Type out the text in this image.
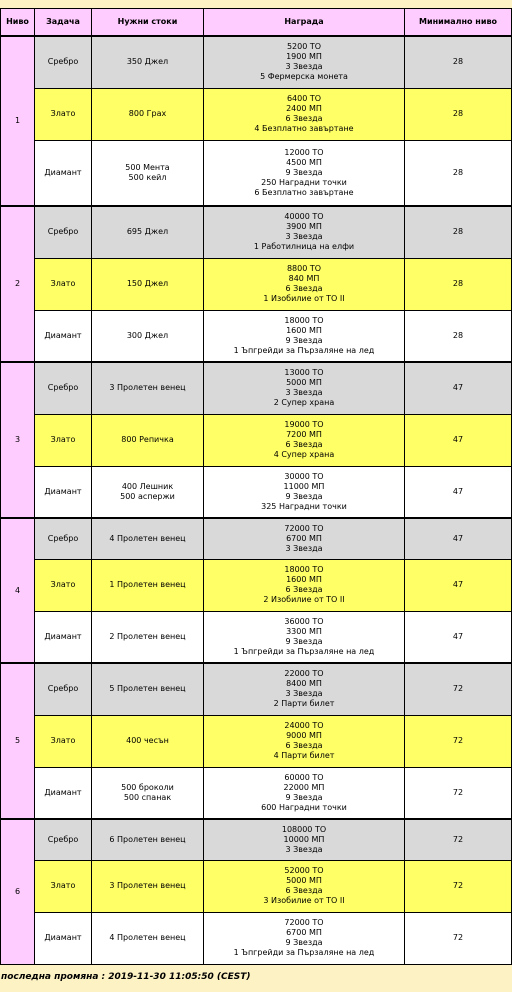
Ниво	Задача	Нужни стоки	Награда	Минимално ниво
1	Сребро	350 Джел	5200 ТО
1900 МП
3 Звезда
5 Фермерска монета	28
	Злато	800 Грах	6400 ТО
2400 МП
6 Звезда
4 Безплатно завъртане	28
	Диамант	500 Мента
500 кейл	12000 ТО
4500 МП
9 Звезда
250 Наградни точки
6 Безплатно завъртане	28
2	Сребро	695 Джел	40000 ТО
3900 МП
3 Звезда
1 Работилница на елфи	28
	Злато	150 Джел	8800 ТО
840 МП
6 Звезда
1 Изобилие от ТО II	28
	Диамант	300 Джел	18000 ТО
1600 МП
9 Звезда
1 Ъпгрейди за Пързаляне на лед	28
3	Сребро	3 Пролетен венец	13000 ТО
5000 МП
3 Звезда
2 Супер храна	47
	Злато	800 Репичка	19000 ТО
7200 МП
6 Звезда
4 Супер храна	47
	Диамант	400 Лешник
500 аспержи	30000 ТО
11000 МП
9 Звезда
325 Наградни точки	47
4	Сребро	4 Пролетен венец	72000 ТО
6700 МП
3 Звезда	47
	Злато	1 Пролетен венец	18000 ТО
1600 МП
6 Звезда
2 Изобилие от ТО II	47
	Диамант	2 Пролетен венец	36000 ТО
3300 МП
9 Звезда
1 Ъпгрейди за Пързаляне на лед	47
5	Сребро	5 Пролетен венец	22000 ТО
8400 МП
3 Звезда
2 Парти билет	72
	Злато	400 чесън	24000 ТО
9000 МП
6 Звезда
4 Парти билет	72
	Диамант	500 броколи
500 спанак	60000 ТО
22000 МП
9 Звезда
600 Наградни точки	72
6	Сребро	6 Пролетен венец	108000 ТО
10000 МП
3 Звезда	72
	Злато	3 Пролетен венец	52000 ТО
5000 МП
6 Звезда
3 Изобилие от ТО II	72
	Диамант	4 Пролетен венец	72000 ТО
6700 МП
9 Звезда
1 Ъпгрейди за Пързаляне на лед	72
последна промяна : 2019-11-30 11:05:50 (CEST)
